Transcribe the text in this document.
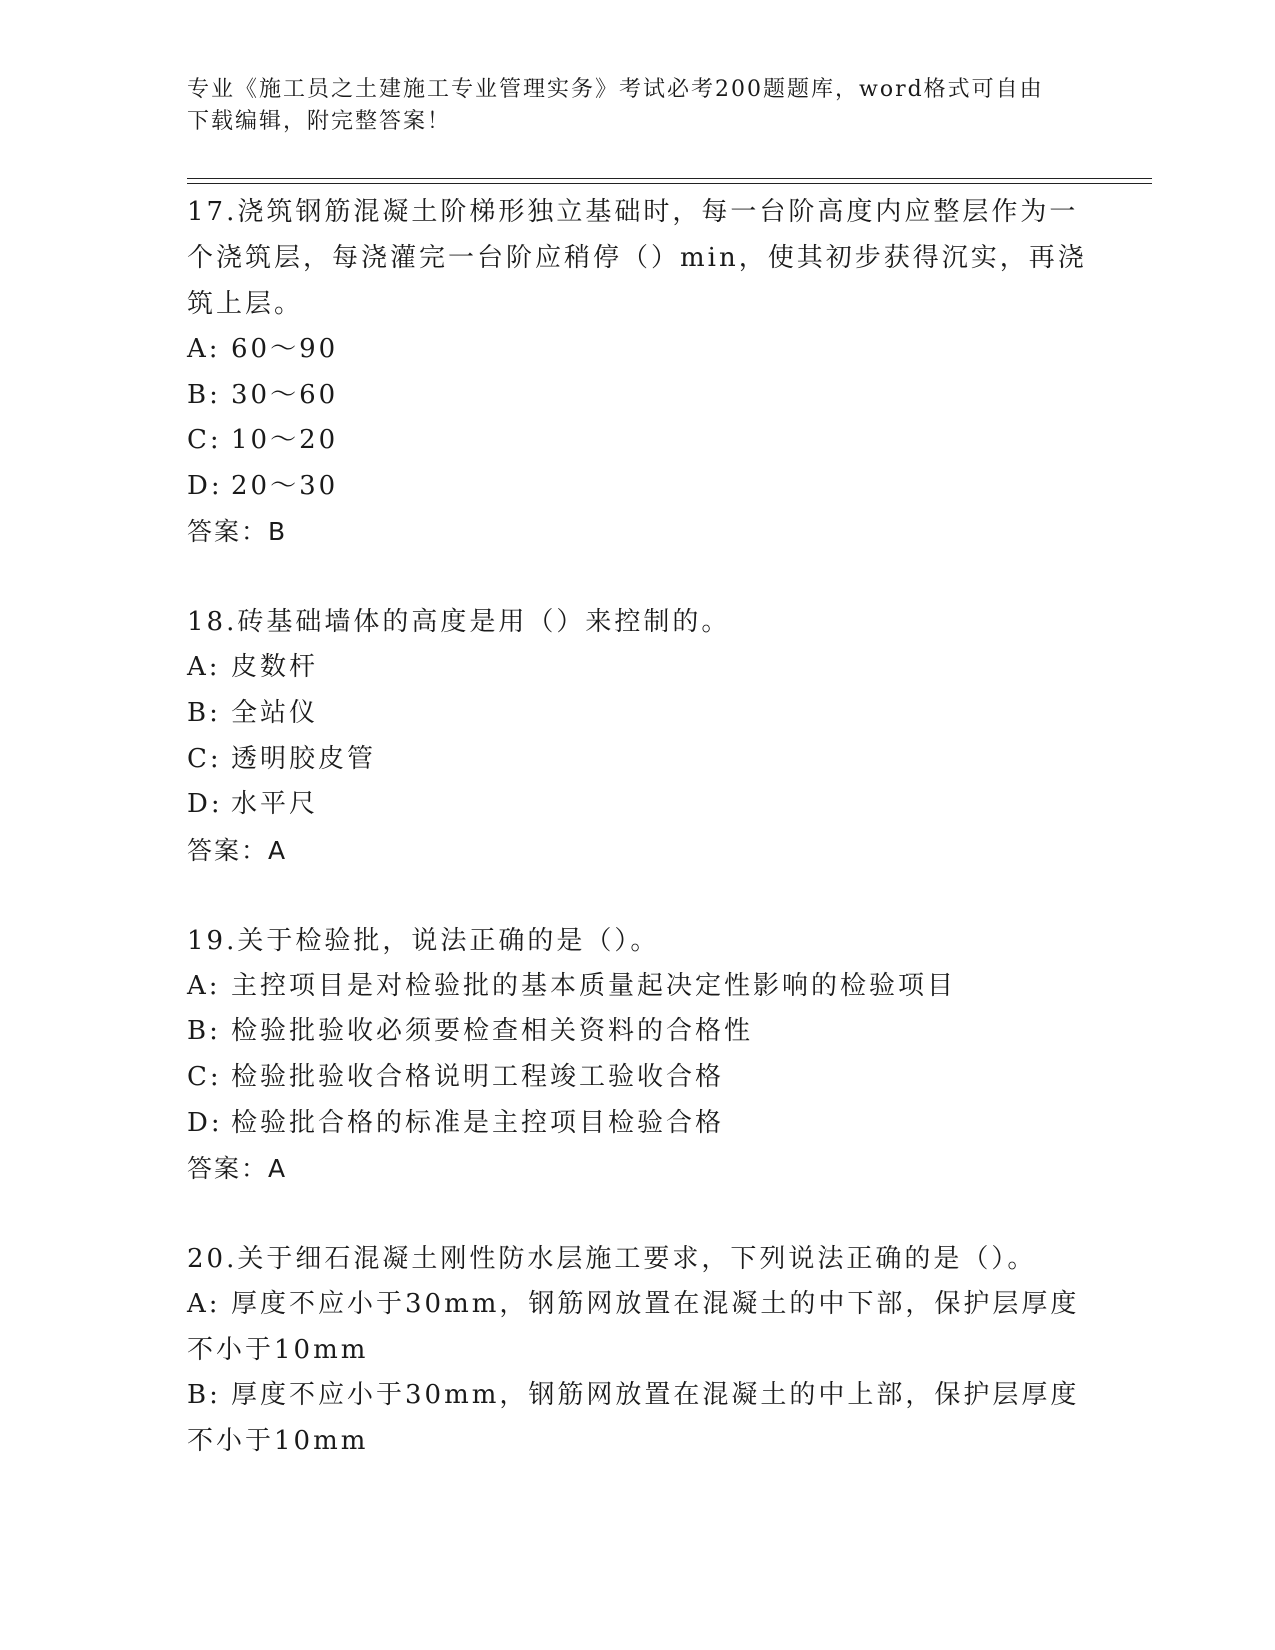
专业《施工员之土建施工专业管理实务》考试必考200题题库，word格式可自由
下载编辑，附完整答案！
17.浇筑钢筋混凝土阶梯形独立基础时，每一台阶高度内应整层作为一个浇筑层，每浇灌完一台阶应稍停（）min，使其初步获得沉实，再浇筑上层。
A: 60～90
B: 30～60
C: 10～20
D: 20～30
答案：B
18.砖基础墙体的高度是用（）来控制的。
A: 皮数杆
B: 全站仪
C: 透明胶皮管
D: 水平尺
答案：A
19.关于检验批，说法正确的是（）。
A: 主控项目是对检验批的基本质量起决定性影响的检验项目
B: 检验批验收必须要检查相关资料的合格性
C: 检验批验收合格说明工程竣工验收合格
D: 检验批合格的标准是主控项目检验合格
答案：A
20.关于细石混凝土刚性防水层施工要求，下列说法正确的是（）。
A: 厚度不应小于30mm，钢筋网放置在混凝土的中下部，保护层厚度不小于10mm
B: 厚度不应小于30mm，钢筋网放置在混凝土的中上部，保护层厚度不小于10mm
